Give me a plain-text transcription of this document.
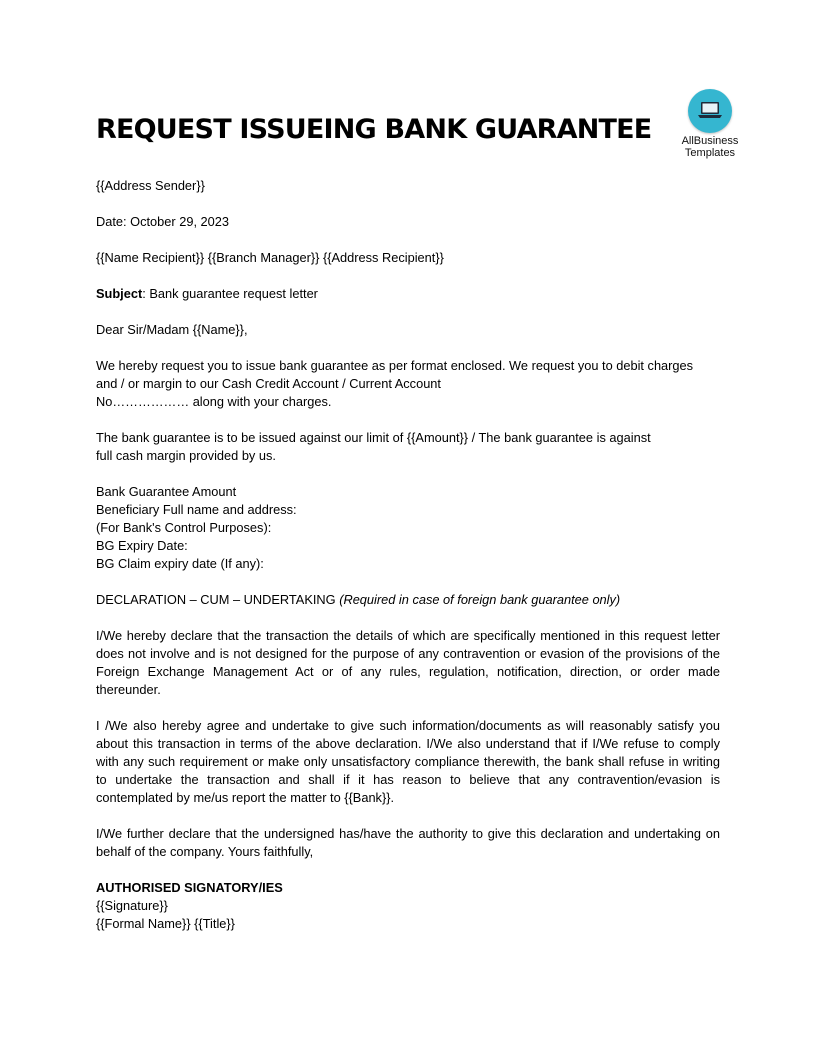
REQUEST ISSUEING BANK GUARANTEE	AllBusiness
Templates

{{Address Sender}}

Date: October 29, 2023

{{Name Recipient}} {{Branch Manager}} {{Address Recipient}}

Subject: Bank guarantee request letter

Dear Sir/Madam {{Name}},

We hereby request you to issue bank guarantee as per format enclosed. We request you to debit charges
and / or margin to our Cash Credit Account / Current Account
No……………… along with your charges.

The bank guarantee is to be issued against our limit of {{Amount}} / The bank guarantee is against
full cash margin provided by us.

Bank Guarantee Amount
Beneficiary Full name and address:
(For Bank's Control Purposes):
BG Expiry Date:
BG Claim expiry date (If any):

DECLARATION – CUM – UNDERTAKING (Required in case of foreign bank guarantee only)

I/We hereby declare that the transaction the details of which are specifically mentioned in this request letter does not involve and is not designed for the purpose of any contravention or evasion of the provisions of the Foreign Exchange Management Act or of any rules, regulation, notification, direction, or order made thereunder.

I /We also hereby agree and undertake to give such information/documents as will reasonably satisfy you about this transaction in terms of the above declaration. I/We also understand that if I/We refuse to comply with any such requirement or make only unsatisfactory compliance therewith, the bank shall refuse in writing to undertake the transaction and shall if it has reason to believe that any contravention/evasion is contemplated by me/us report the matter to {{Bank}}.

I/We further declare that the undersigned has/have the authority to give this declaration and undertaking on behalf of the company. Yours faithfully,

AUTHORISED SIGNATORY/IES
{{Signature}}
{{Formal Name}} {{Title}}
